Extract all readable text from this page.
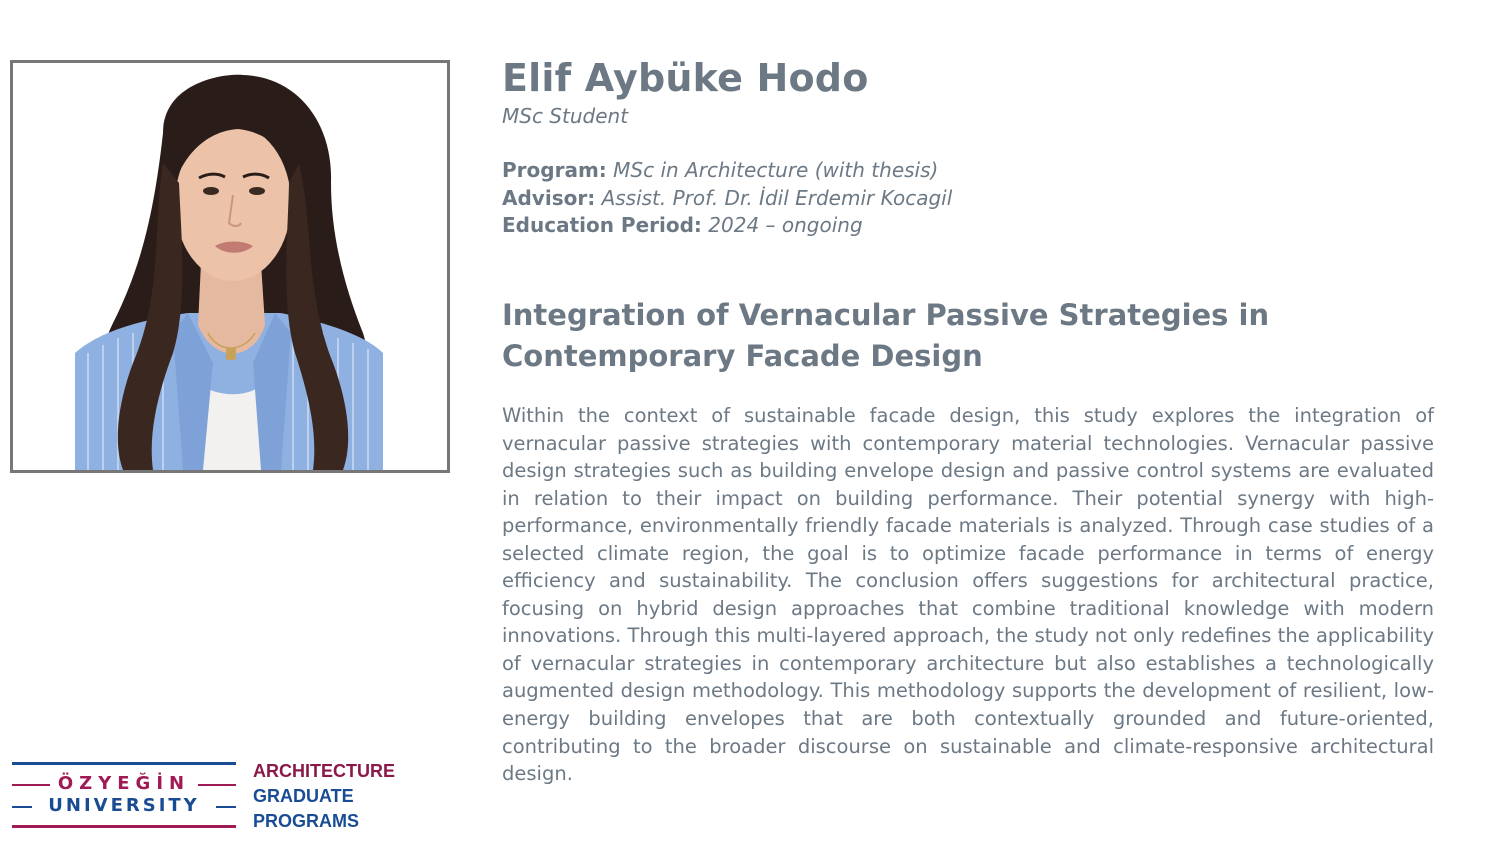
Elif Aybüke Hodo
MSc Student
Program: MSc in Architecture (with thesis)
Advisor: Assist. Prof. Dr. İdil Erdemir Kocagil
Education Period: 2024 – ongoing
Integration of Vernacular Passive Strategies in Contemporary Facade Design

Within the context of sustainable facade design, this study explores the integration of vernacular passive strategies with contemporary material technologies. Vernacular passive design strategies such as building envelope design and passive control systems are evaluated in relation to their impact on building performance. Their potential synergy with high-performance, environmentally friendly facade materials is analyzed. Through case studies of a selected climate region, the goal is to optimize facade performance in terms of energy efficiency and sustainability. The conclusion offers suggestions for architectural practice, focusing on hybrid design approaches that combine traditional knowledge with modern innovations. Through this multi-layered approach, the study not only redefines the applicability of vernacular strategies in contemporary architecture but also establishes a technologically augmented design methodology. This methodology supports the development of resilient, low-energy building envelopes that are both contextually grounded and future-oriented, contributing to the broader discourse on sustainable and climate-responsive architectural design.

ÖZYEĞİN
UNIVERSITY
ARCHITECTURE
GRADUATE
PROGRAMS
